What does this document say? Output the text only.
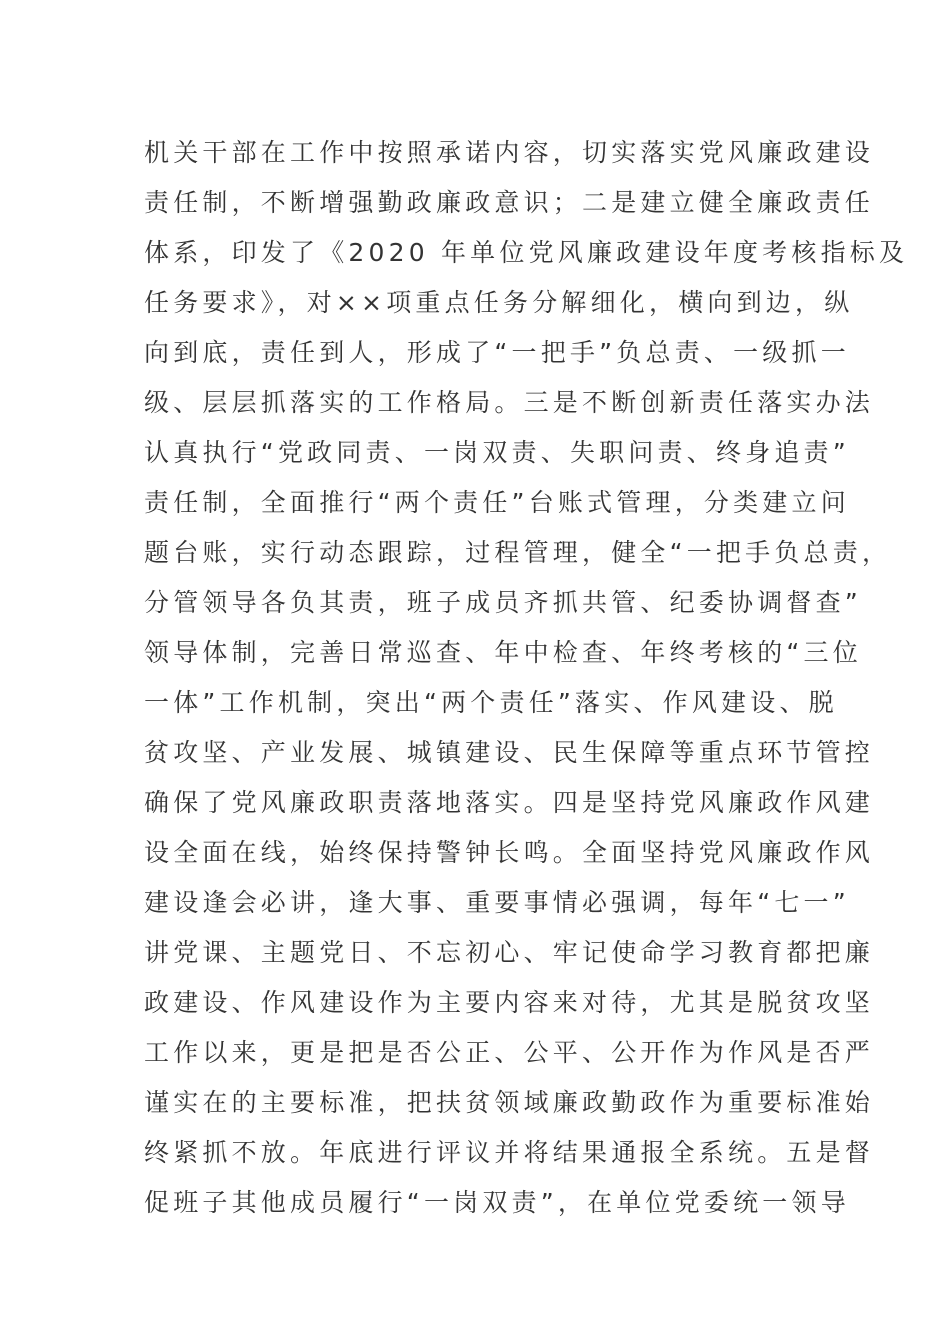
机关干部在工作中按照承诺内容，切实落实党风廉政建设
责任制，不断增强勤政廉政意识；二是建立健全廉政责任
体系，印发了《2020 年单位党风廉政建设年度考核指标及
任务要求》，对××项重点任务分解细化，横向到边，纵
向到底，责任到人，形成了“一把手”负总责、一级抓一
级、层层抓落实的工作格局。三是不断创新责任落实办法
认真执行“党政同责、一岗双责、失职问责、终身追责”
责任制，全面推行“两个责任”台账式管理，分类建立问
题台账，实行动态跟踪，过程管理，健全“一把手负总责，
分管领导各负其责，班子成员齐抓共管、纪委协调督查”
领导体制，完善日常巡查、年中检查、年终考核的“三位
一体”工作机制，突出“两个责任”落实、作风建设、脱
贫攻坚、产业发展、城镇建设、民生保障等重点环节管控
确保了党风廉政职责落地落实。四是坚持党风廉政作风建
设全面在线，始终保持警钟长鸣。全面坚持党风廉政作风
建设逢会必讲，逢大事、重要事情必强调，每年“七一”
讲党课、主题党日、不忘初心、牢记使命学习教育都把廉
政建设、作风建设作为主要内容来对待，尤其是脱贫攻坚
工作以来，更是把是否公正、公平、公开作为作风是否严
谨实在的主要标准，把扶贫领域廉政勤政作为重要标准始
终紧抓不放。年底进行评议并将结果通报全系统。五是督
促班子其他成员履行“一岗双责”，在单位党委统一领导
